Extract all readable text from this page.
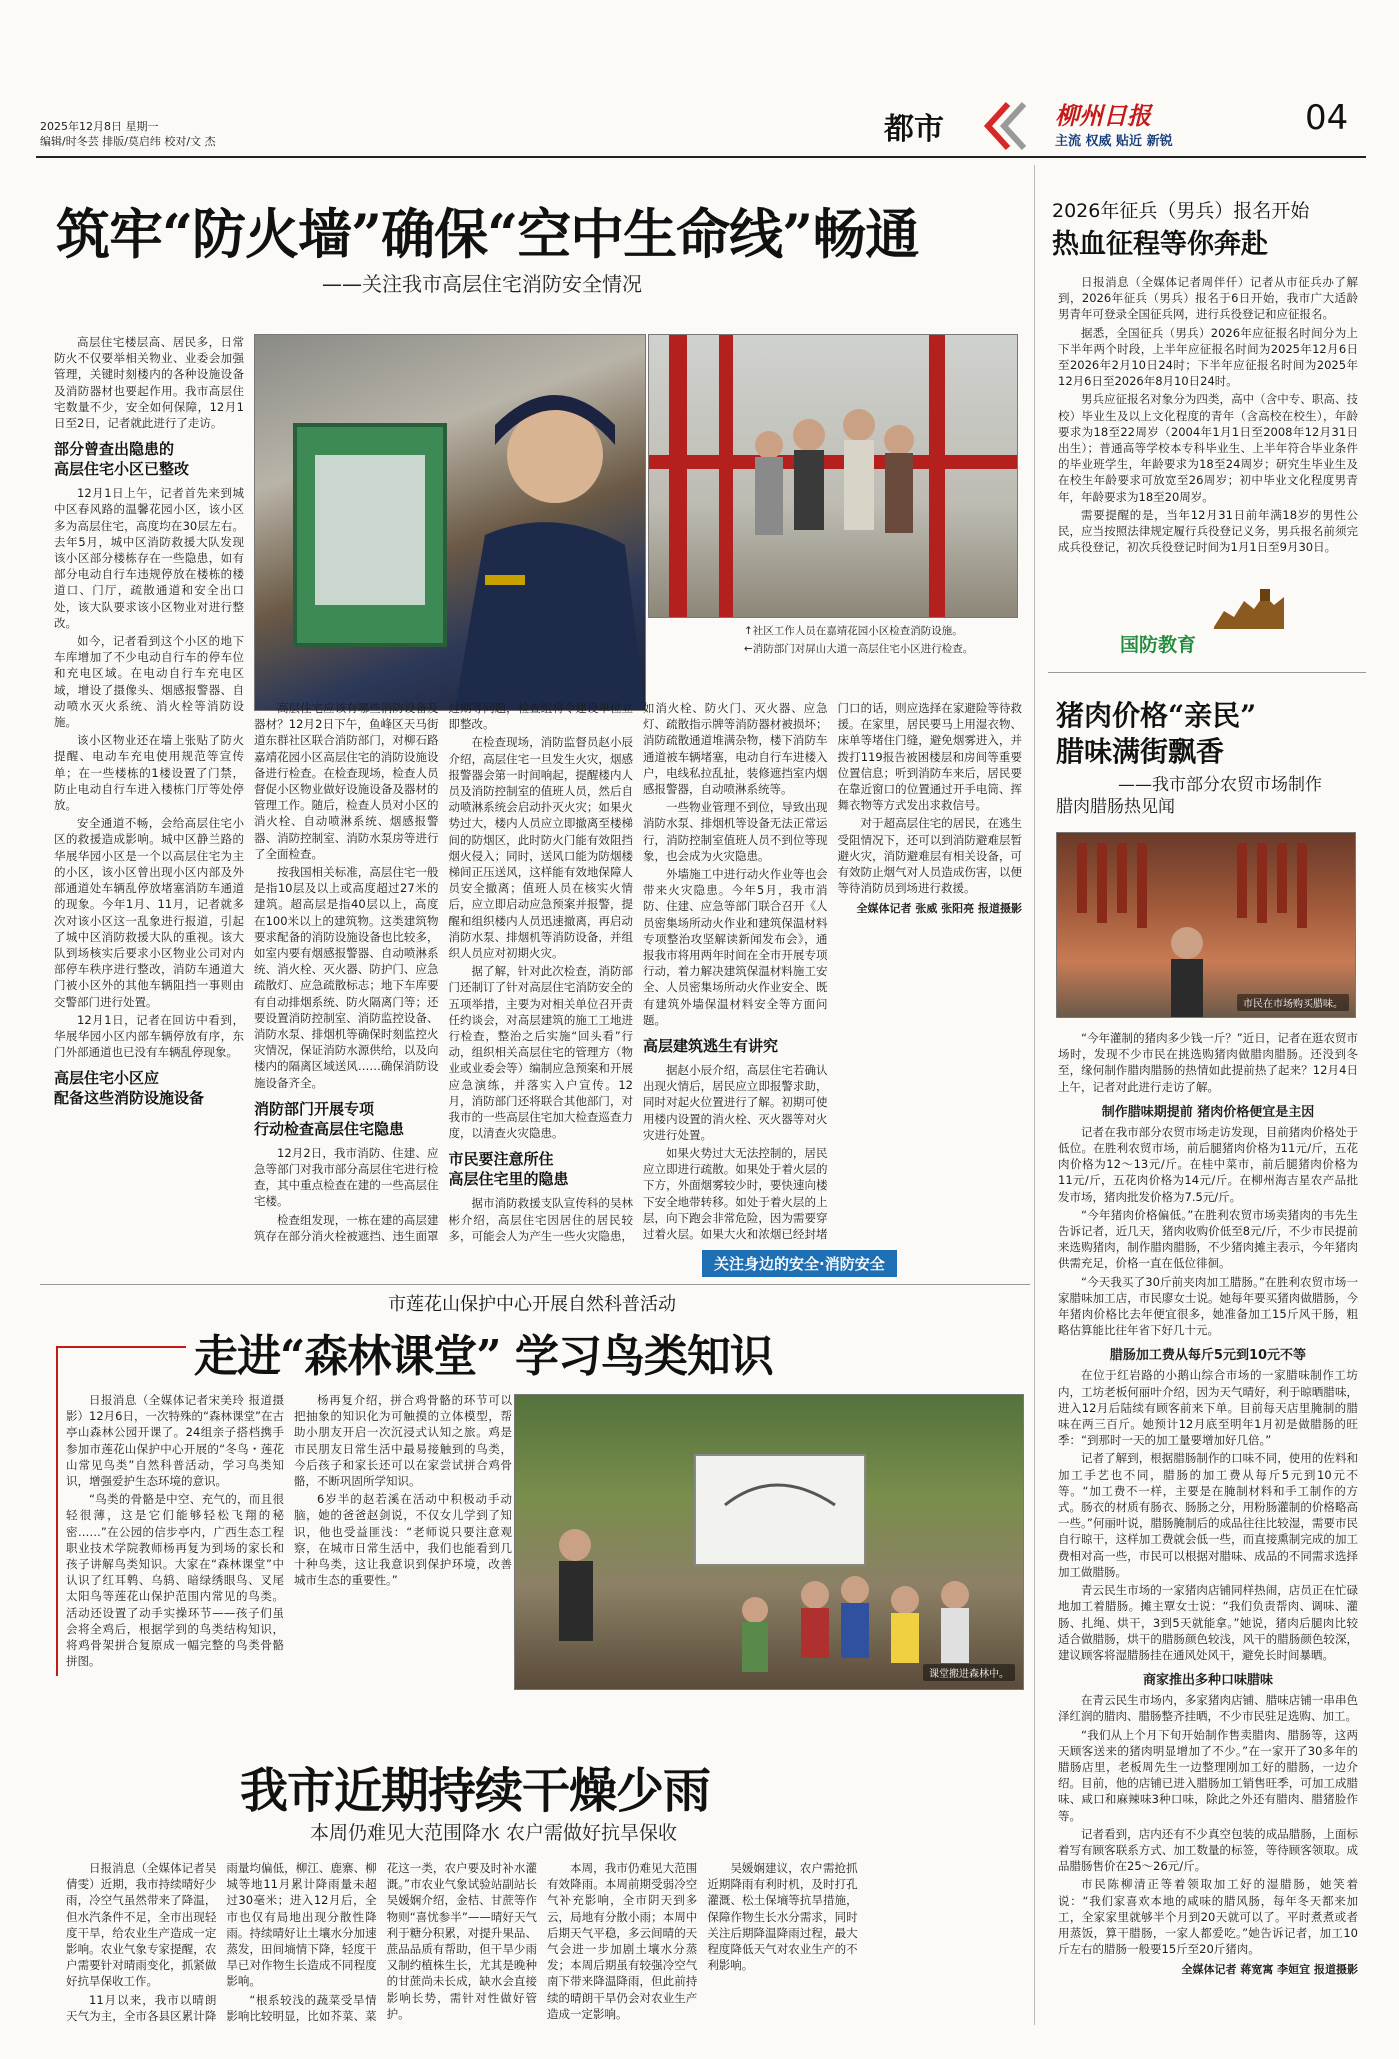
2025年12月8日 星期一
编辑/时冬芸 排版/莫启纬 校对/文 杰	都市	柳州日报
主流 权威 贴近 新锐
04
筑牢“防火墙”确保“空中生命线”畅通
——关注我市高层住宅消防安全情况
↑社区工作人员在嘉靖花园小区检查消防设施。
←消防部门对屏山大道一高层住宅小区进行检查。

高层住宅楼层高、居民多，日常防火不仅要举相关物业、业委会加强管理，关键时刻楼内的各种设施设备及消防器材也要起作用。我市高层住宅数量不少，安全如何保障，12月1日至2日，记者就此进行了走访。

部分曾查出隐患的
高层住宅小区已整改

12月1日上午，记者首先来到城中区春风路的温馨花园小区，该小区多为高层住宅，高度均在30层左右。去年5月，城中区消防救援大队发现该小区部分楼栋存在一些隐患，如有部分电动自行车违规停放在楼栋的楼道口、门厅，疏散通道和安全出口处，该大队要求该小区物业对进行整改。

如今，记者看到这个小区的地下车库增加了不少电动自行车的停车位和充电区域。在电动自行车充电区域，增设了摄像头、烟感报警器、自动喷水灭火系统、消火栓等消防设施。

该小区物业还在墙上张贴了防火提醒、电动车充电使用规范等宣传单；在一些楼栋的1楼设置了门禁，防止电动自行车进入楼栋门厅等处停放。

安全通道不畅，会给高层住宅小区的救援造成影响。城中区静兰路的华展华园小区是一个以高层住宅为主的小区，该小区曾出现小区内部及外部通道处车辆乱停放堵塞消防车通道的现象。今年1月、11月，记者就多次对该小区这一乱象进行报道，引起了城中区消防救援大队的重视。该大队到场核实后要求小区物业公司对内部停车秩序进行整改，消防车通道大门被小区外的其他车辆阻挡一事则由交警部门进行处置。

12月1日，记者在回访中看到，华展华园小区内部车辆停放有序，东门外部通道也已没有车辆乱停现象。

高层住宅小区应
配备这些消防设施设备

高层住宅应该有哪些消防设备及器材？12月2日下午，鱼峰区天马街道东群社区联合消防部门，对柳石路嘉靖花园小区高层住宅的消防设施设备进行检查。在检查现场，检查人员督促小区物业做好设施设备及器材的管理工作。随后，检查人员对小区的消火栓、自动喷淋系统、烟感报警器、消防控制室、消防水泵房等进行了全面检查。

按我国相关标准，高层住宅一般是指10层及以上或高度超过27米的建筑。超高层是指40层以上，高度在100米以上的建筑物。这类建筑物要求配备的消防设施设备也比较多，如室内要有烟感报警器、自动喷淋系统、消火栓、灭火器、防护门、应急疏散灯、应急疏散标志；地下车库要有自动排烟系统、防火隔离门等；还要设置消防控制室、消防监控设备、消防水泵、排烟机等确保时刻监控火灾情况，保证消防水源供给，以及向楼内的隔离区域送风……确保消防设施设备齐全。

消防部门开展专项
行动检查高层住宅隐患

12月2日，我市消防、住建、应急等部门对我市部分高层住宅进行检查，其中重点检查在建的一些高层住宅楼。

检查组发现，一栋在建的高层建筑存在部分消火栓被遮挡、违生面罩过期等问题，检查组将令建设单位立即整改。

在检查现场，消防监督员赵小辰介绍，高层住宅一旦发生火灾，烟感报警器会第一时间响起，提醒楼内人员及消防控制室的值班人员，然后自动喷淋系统会启动扑灭火灾；如果火势过大，楼内人员应立即撤离至楼梯间的防烟区，此时防火门能有效阻挡烟火侵入；同时，送风口能为防烟楼梯间正压送风，这样能有效地保障人员安全撤离；值班人员在核实火情后，应立即启动应急预案并报警，提醒和组织楼内人员迅速撤离，再启动消防水泵、排烟机等消防设备，并组织人员应对初期火灾。

据了解，针对此次检查，消防部门还制订了针对高层住宅消防安全的五项举措，主要为对相关单位召开责任约谈会，对高层建筑的施工工地进行检查，整治之后实施“回头看”行动，组织相关高层住宅的管理方（物业或业委会等）编制应急预案和开展应急演练，并落实入户宣传。12月，消防部门还将联合其他部门，对我市的一些高层住宅加大检查巡查力度，以清查火灾隐患。

市民要注意所住
高层住宅里的隐患

据市消防救援支队宣传科的吴林彬介绍，高层住宅因居住的居民较多，可能会人为产生一些火灾隐患，如消火栓、防火门、灭火器、应急灯、疏散指示牌等消防器材被损坏；消防疏散通道堆满杂物，楼下消防车通道被车辆堵塞，电动自行车进楼入户，电线私拉乱扯，装修遮挡室内烟感报警器，自动喷淋系统等。

一些物业管理不到位，导致出现消防水泵、排烟机等设备无法正常运行，消防控制室值班人员不到位等现象，也会成为火灾隐患。

外墙施工中进行动火作业等也会带来火灾隐患。今年5月，我市消防、住建、应急等部门联合召开《人员密集场所动火作业和建筑保温材料专项整治攻坚解读新闻发布会》，通报我市将用两年时间在全市开展专项行动，着力解决建筑保温材料施工安全、人员密集场所动火作业安全、既有建筑外墙保温材料安全等方面问题。

高层建筑逃生有讲究

据赵小辰介绍，高层住宅若确认出现火情后，居民应立即报警求助，同时对起火位置进行了解。初期可使用楼内设置的消火栓、灭火器等对火灾进行处置。

如果火势过大无法控制的，居民应立即进行疏散。如果处于着火层的下方，外面烟雾较少时，要快速向楼下安全地带转移。如处于着火层的上层，向下跑会非常危险，因为需要穿过着火层。如果大火和浓烟已经封堵门口的话，则应选择在家避险等待救援。在家里，居民要马上用湿衣物、床单等堵住门缝，避免烟雾进入，并拨打119报告被困楼层和房间等重要位置信息；听到消防车来后，居民要在靠近窗口的位置通过开手电筒、挥舞衣物等方式发出求救信号。

对于超高层住宅的居民，在逃生受阻情况下，还可以到消防避难层暂避火灾，消防避难层有相关设备，可有效防止烟气对人员造成伤害，以便等待消防员到场进行救援。

全媒体记者 张威 张阳亮 报道摄影
关注身边的安全·消防安全
市莲花山保护中心开展自然科普活动
走进“森林课堂” 学习鸟类知识

日报消息（全媒体记者宋美玲 报道摄影）12月6日，一次特殊的“森林课堂”在古亭山森林公园开课了。24组亲子搭档携手参加市莲花山保护中心开展的“冬鸟・莲花山常见鸟类”自然科普活动，学习鸟类知识，增强爱护生态环境的意识。

“鸟类的骨骼是中空、充气的，而且很轻很薄，这是它们能够轻松飞翔的秘密……”在公园的信步亭内，广西生态工程职业技术学院教师杨再复为到场的家长和孩子讲解鸟类知识。大家在“森林课堂”中认识了红耳鹎、乌鸫、暗绿绣眼鸟、叉尾太阳鸟等莲花山保护范围内常见的鸟类。活动还设置了动手实操环节——孩子们虽会将全鸡后，根据学到的鸟类结构知识，将鸡骨架拼合复原成一幅完整的鸟类骨骼拼图。

杨再复介绍，拼合鸡骨骼的环节可以把抽象的知识化为可触摸的立体模型，帮助小朋友开启一次沉浸式认知之旅。鸡是市民朋友日常生活中最易接触到的鸟类，今后孩子和家长还可以在家尝试拼合鸡骨骼，不断巩固所学知识。

6岁半的赵若溪在活动中积极动手动脑，她的爸爸赵剑说，不仅女儿学到了知识，他也受益匪浅：“老师说只要注意观察，在城市日常生活中，我们也能看到几十种鸟类，这让我意识到保护环境，改善城市生态的重要性。”

课堂搬进森林中。
我市近期持续干燥少雨
本周仍难见大范围降水 农户需做好抗旱保收

日报消息（全媒体记者吴倩雯）近期，我市持续晴好少雨，冷空气虽然带来了降温，但水汽条件不足，全市出现轻度干旱，给农业生产造成一定影响。农业气象专家提醒，农户需要针对晴雨变化，抓紧做好抗旱保收工作。

11月以来，我市以晴朗天气为主，全市各县区累计降雨量均偏低，柳江、鹿寨、柳城等地11月累计降雨量未超过30毫米；进入12月后，全市也仅有局地出现分散性降雨。持续晴好让土壤水分加速蒸发，田间墒情下降，轻度干旱已对作物生长造成不同程度影响。

“根系较浅的蔬菜受旱情影响比较明显，比如芥菜、菜花这一类，农户要及时补水灌溉。”市农业气象试验站副站长吴媛娴介绍，金桔、甘蔗等作物则“喜忧参半”——晴好天气利于糖分积累，对提升果品、蔗品品质有帮助，但干旱少雨又制约植株生长，尤其是晚种的甘蔗尚未长成，缺水会直接影响长势，需针对性做好管护。

本周，我市仍难见大范围有效降雨。本周前期受弱冷空气补充影响，全市阴天到多云，局地有分散小雨；本周中后期天气平稳，多云间晴的天气会进一步加剧土壤水分蒸发；本周后期虽有较强冷空气南下带来降温降雨，但此前持续的晴朗干旱仍会对农业生产造成一定影响。

吴媛娴建议，农户需抢抓近期降雨有利时机，及时打孔灌溉、松土保墒等抗旱措施，保障作物生长水分需求，同时关注后期降温降雨过程，最大程度降低天气对农业生产的不利影响。

2026年征兵（男兵）报名开始
热血征程等你奔赴

日报消息（全媒体记者周伴仟）记者从市征兵办了解到，2026年征兵（男兵）报名于6日开始，我市广大适龄男青年可登录全国征兵网，进行兵役登记和应征报名。

据悉，全国征兵（男兵）2026年应征报名时间分为上下半年两个时段，上半年应征报名时间为2025年12月6日至2026年2月10日24时；下半年应征报名时间为2025年12月6日至2026年8月10日24时。

男兵应征报名对象分为四类，高中（含中专、职高、技校）毕业生及以上文化程度的青年（含高校在校生），年龄要求为18至22周岁（2004年1月1日至2008年12月31日出生）；普通高等学校本专科毕业生、上半年符合毕业条件的毕业班学生，年龄要求为18至24周岁；研究生毕业生及在校生年龄要求可放宽至26周岁；初中毕业文化程度男青年，年龄要求为18至20周岁。

需要提醒的是，当年12月31日前年满18岁的男性公民，应当按照法律规定履行兵役登记义务，男兵报名前须完成兵役登记，初次兵役登记时间为1月1日至9月30日。

国防教育
猪肉价格“亲民”
腊味满街飘香
——我市部分农贸市场制作
腊肉腊肠热见闻
市民在市场购买腊味。

“今年灌制的猪肉多少钱一斤？”近日，记者在逛农贸市场时，发现不少市民在挑选购猪肉做腊肉腊肠。还没到冬至，缘何制作腊肉腊肠的热情如此提前热了起来？12月4日上午，记者对此进行走访了解。

制作腊味期提前 猪肉价格便宜是主因

记者在我市部分农贸市场走访发现，目前猪肉价格处于低位。在胜利农贸市场，前后腿猪肉价格为11元/斤，五花肉价格为12～13元/斤。在桂中菜市，前后腿猪肉价格为11元/斤，五花肉价格为14元/斤。在柳州海吉星农产品批发市场，猪肉批发价格为7.5元/斤。

“今年猪肉价格偏低。”在胜利农贸市场卖猪肉的韦先生告诉记者，近几天，猪肉收购价低至8元/斤，不少市民提前来选购猪肉，制作腊肉腊肠，不少猪肉摊主表示，今年猪肉供需充足，价格一直在低位徘徊。

“今天我买了30斤前夹肉加工腊肠。”在胜利农贸市场一家腊味加工店，市民廖女士说。她每年要买猪肉做腊肠，今年猪肉价格比去年便宜很多，她准备加工15斤风干肠，粗略估算能比往年省下好几十元。

腊肠加工费从每斤5元到10元不等

在位于红岩路的小鹅山综合市场的一家腊味制作工坊内，工坊老板何丽叶介绍，因为天气晴好，利于晾晒腊味，进入12月后陆续有顾客前来下单。目前每天店里腌制的腊味在两三百斤。她预计12月底至明年1月初是做腊肠的旺季：“到那时一天的加工量要增加好几倍。”

记者了解到，根据腊肠制作的口味不同，使用的佐料和加工手艺也不同，腊肠的加工费从每斤5元到10元不等。“加工费不一样，主要是在腌制材料和手工制作的方式。肠衣的材质有肠衣、肠肠之分，用粉肠灌制的价格略高一些。”何丽叶说，腊肠腌制后的成品往往比较湿，需要市民自行晾干，这样加工费就会低一些，而直接熏制完成的加工费相对高一些，市民可以根据对腊味、成品的不同需求选择加工做腊肠。

青云民生市场的一家猪肉店铺同样热闹，店员正在忙碌地加工着腊肠。摊主覃女士说：“我们负责帮肉、调味、灌肠、扎绳、烘干，3到5天就能拿。”她说，猪肉后腿肉比较适合做腊肠，烘干的腊肠颜色较浅，风干的腊肠颜色较深，建议顾客将湿腊肠挂在通风处风干，避免长时间暴晒。

商家推出多种口味腊味

在青云民生市场内，多家猪肉店铺、腊味店铺一串串色泽红润的腊肉、腊肠整齐挂晒，不少市民驻足选购、加工。

“我们从上个月下旬开始制作售卖腊肉、腊肠等，这两天顾客送来的猪肉明显增加了不少。”在一家开了30多年的腊肠店里，老板周先生一边整理刚加工好的腊肠，一边介绍。目前，他的店铺已进入腊肠加工销售旺季，可加工成腊味、咸口和麻辣味3种口味，除此之外还有腊肉、腊猪脸作等。

记者看到，店内还有不少真空包装的成品腊肠，上面标着写有顾客联系方式、加工数量的标签，等待顾客领取。成品腊肠售价在25～26元/斤。

市民陈柳清正等着领取加工好的湿腊肠，她笑着说：“我们家喜欢本地的咸味的腊风肠，每年冬天都来加工，全家家里就够半个月到20天就可以了。平时煮煮或者用蒸饭，算干腊肠，一家人都爱吃。”她告诉记者，加工10斤左右的腊肠一般要15斤至20斤猪肉。

全媒体记者 蒋宽寓 李姮宜 报道摄影
